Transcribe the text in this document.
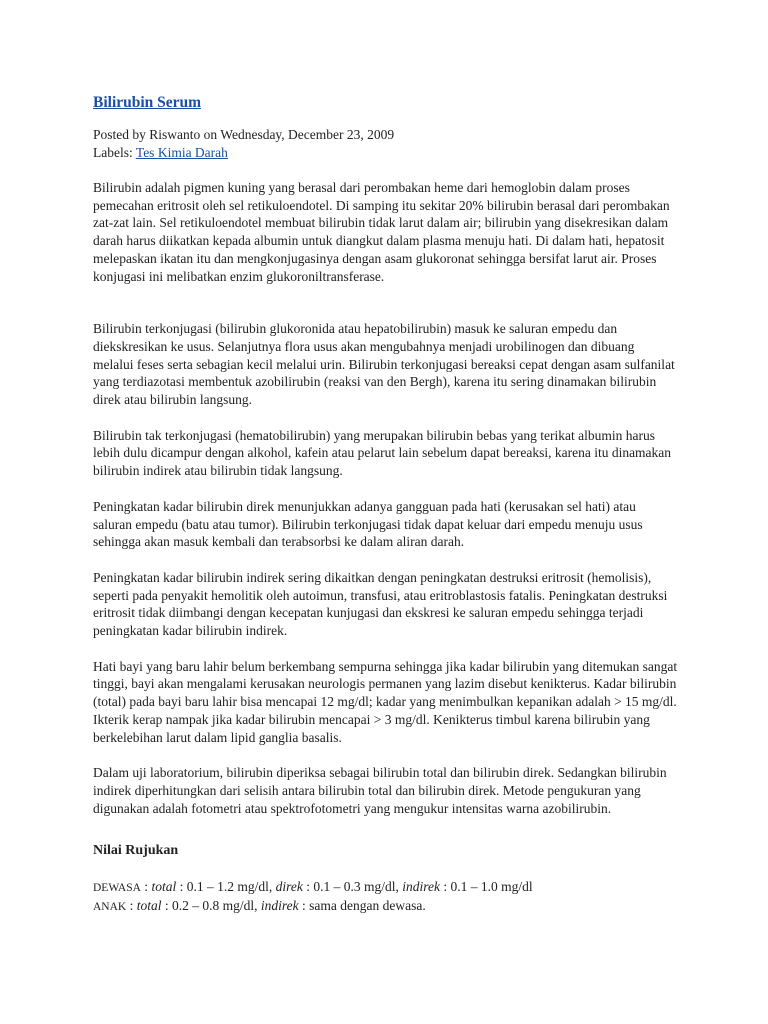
Bilirubin Serum
Posted by Riswanto on Wednesday, December 23, 2009
Labels: Tes Kimia Darah

Bilirubin adalah pigmen kuning yang berasal dari perombakan heme dari hemoglobin dalam proses pemecahan eritrosit oleh sel retikuloendotel. Di samping itu sekitar 20% bilirubin berasal dari perombakan zat-zat lain. Sel retikuloendotel membuat bilirubin tidak larut dalam air; bilirubin yang disekresikan dalam darah harus diikatkan kepada albumin untuk diangkut dalam plasma menuju hati. Di dalam hati, hepatosit melepaskan ikatan itu dan mengkonjugasinya dengan asam glukoronat sehingga bersifat larut air. Proses konjugasi ini melibatkan enzim glukoroniltransferase.

Bilirubin terkonjugasi (bilirubin glukoronida atau hepatobilirubin) masuk ke saluran empedu dan diekskresikan ke usus. Selanjutnya flora usus akan mengubahnya menjadi urobilinogen dan dibuang melalui feses serta sebagian kecil melalui urin. Bilirubin terkonjugasi bereaksi cepat dengan asam sulfanilat yang terdiazotasi membentuk azobilirubin (reaksi van den Bergh), karena itu sering dinamakan bilirubin direk atau bilirubin langsung.

Bilirubin tak terkonjugasi (hematobilirubin) yang merupakan bilirubin bebas yang terikat albumin harus lebih dulu dicampur dengan alkohol, kafein atau pelarut lain sebelum dapat bereaksi, karena itu dinamakan bilirubin indirek atau bilirubin tidak langsung.

Peningkatan kadar bilirubin direk menunjukkan adanya gangguan pada hati (kerusakan sel hati) atau saluran empedu (batu atau tumor). Bilirubin terkonjugasi tidak dapat keluar dari empedu menuju usus sehingga akan masuk kembali dan terabsorbsi ke dalam aliran darah.

Peningkatan kadar bilirubin indirek sering dikaitkan dengan peningkatan destruksi eritrosit (hemolisis), seperti pada penyakit hemolitik oleh autoimun, transfusi, atau eritroblastosis fatalis. Peningkatan destruksi eritrosit tidak diimbangi dengan kecepatan kunjugasi dan ekskresi ke saluran empedu sehingga terjadi peningkatan kadar bilirubin indirek.

Hati bayi yang baru lahir belum berkembang sempurna sehingga jika kadar bilirubin yang ditemukan sangat tinggi, bayi akan mengalami kerusakan neurologis permanen yang lazim disebut kenikterus. Kadar bilirubin (total) pada bayi baru lahir bisa mencapai 12 mg/dl; kadar yang menimbulkan kepanikan adalah > 15 mg/dl. Ikterik kerap nampak jika kadar bilirubin mencapai > 3 mg/dl. Kenikterus timbul karena bilirubin yang berkelebihan larut dalam lipid ganglia basalis.

Dalam uji laboratorium, bilirubin diperiksa sebagai bilirubin total dan bilirubin direk. Sedangkan bilirubin indirek diperhitungkan dari selisih antara bilirubin total dan bilirubin direk. Metode pengukuran yang digunakan adalah fotometri atau spektrofotometri yang mengukur intensitas warna azobilirubin.

Nilai Rujukan
DEWASA : total : 0.1 – 1.2 mg/dl, direk : 0.1 – 0.3 mg/dl, indirek : 0.1 – 1.0 mg/dl
ANAK : total : 0.2 – 0.8 mg/dl, indirek : sama dengan dewasa.
